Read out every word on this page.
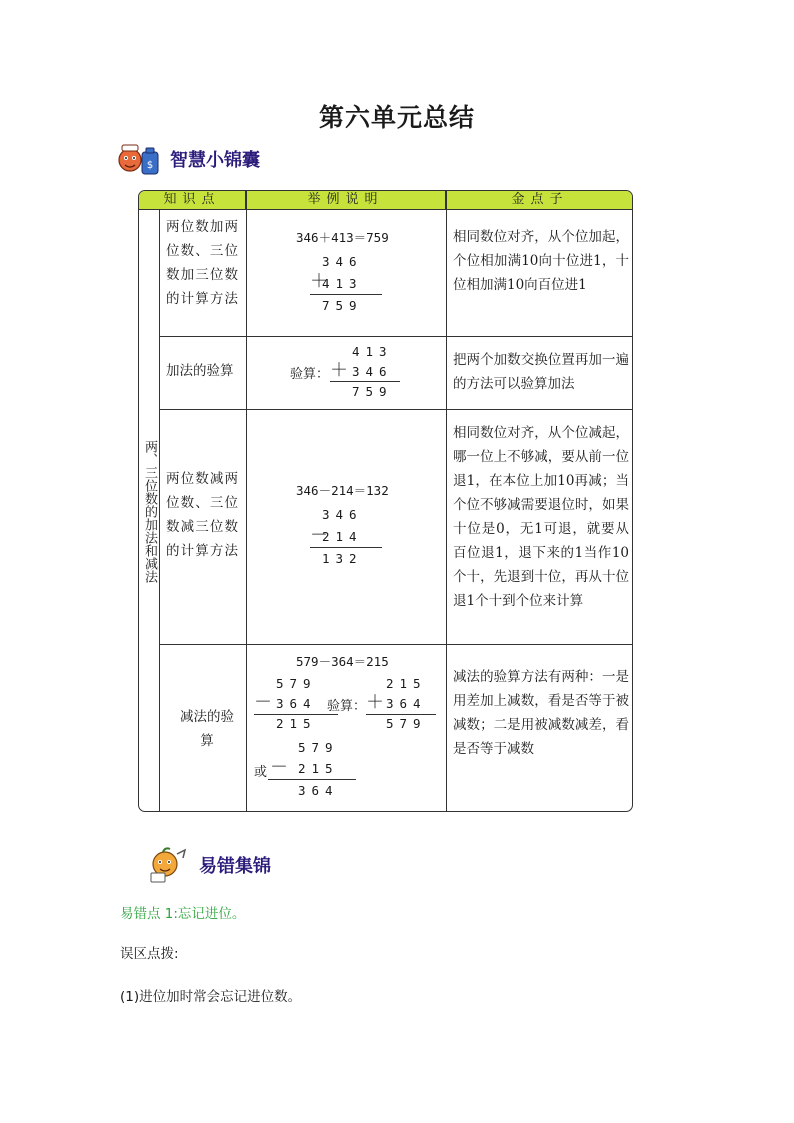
第六单元总结
$ 智慧小锦囊
知识点	举例说明	金点子
两、三位数的加法和减法
两位数加两位数、三位数加三位数的计算方法
346＋413＝759
346
＋
413
759
相同数位对齐，从个位加起，个位相加满10向十位进1，十位相加满10向百位进1
加法的验算
413
验算： ＋ 346
759
把两个加数交换位置再加一遍的方法可以验算加法
两位数减两位数、三位数减三位数的计算方法
346－214＝132
346
－
214
132
相同数位对齐，从个位减起，哪一位上不够减，要从前一位退1，在本位上加10再减；当个位不够减需要退位时，如果十位是0，无1可退，就要从百位退1，退下来的1当作10个十，先退到十位，再从十位退1个十到个位来计算
减法的验算
579－364＝215
579
－ 364
215
验算：
215
＋ 364
579
579
或 － 215
364
减法的验算方法有两种：一是用差加上减数，看是否等于被减数；二是用被减数减差，看是否等于减数
易错集锦
易错点 1:忘记进位。
误区点拨:
(1)进位加时常会忘记进位数。
